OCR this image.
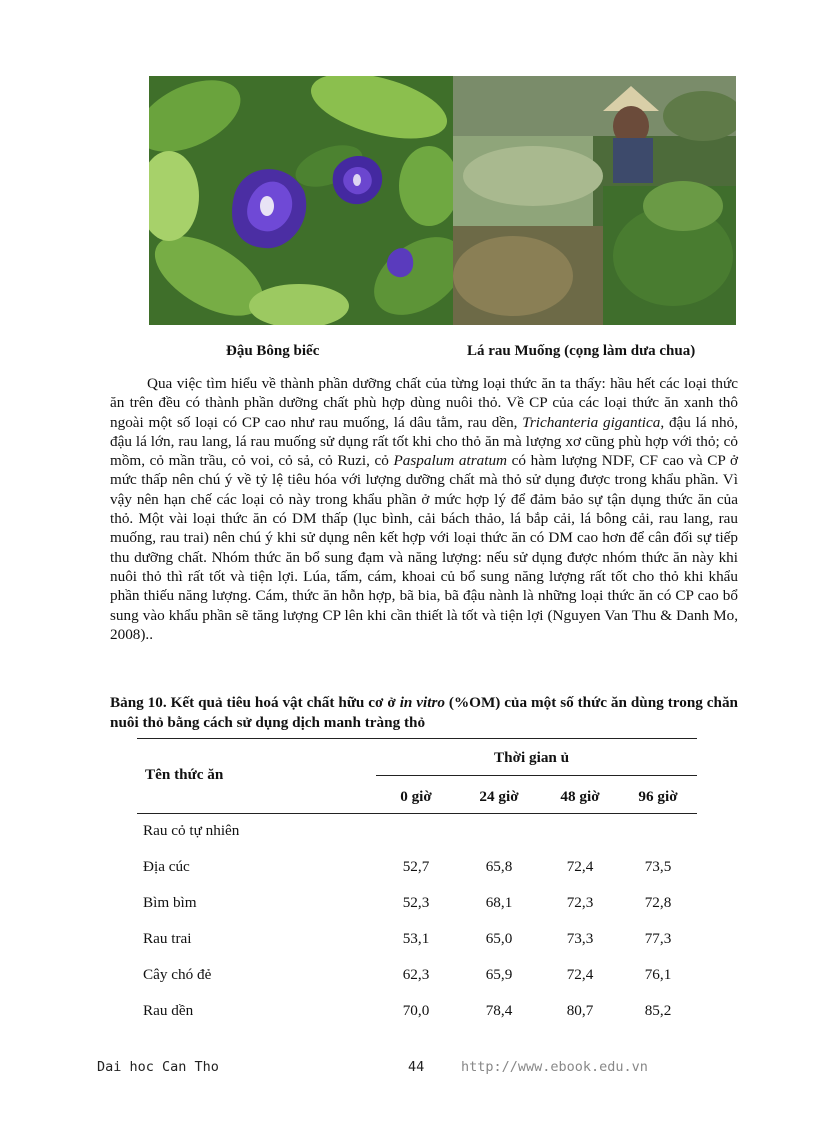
Đậu Bông biếc	Lá rau Muống (cọng làm dưa chua)

Qua việc tìm hiểu về thành phần dưỡng chất của từng loại thức ăn ta thấy: hầu hết các loại thức ăn trên đều có thành phần dưỡng chất phù hợp dùng nuôi thỏ. Về CP của các loại thức ăn xanh thô ngoài một số loại có CP cao như rau muống, lá dâu tằm, rau dền, Trichanteria gigantica, đậu lá nhỏ, đậu lá lớn, rau lang, lá rau muống sử dụng rất tốt khi cho thỏ ăn mà lượng xơ cũng phù hợp với thỏ; cỏ mồm, cỏ mần trầu, cỏ voi, cỏ sả, cỏ Ruzi, cỏ Paspalum atratum có hàm lượng NDF, CF cao và CP ở mức thấp nên chú ý về tỷ lệ tiêu hóa với lượng dưỡng chất mà thỏ sử dụng được trong khẩu phần. Vì vậy nên hạn chế các loại cỏ này trong khẩu phần ở mức hợp lý để đảm bảo sự tận dụng thức ăn của thỏ. Một vài loại thức ăn có DM thấp (lục bình, cải bách thảo, lá bắp cải, lá bông cải, rau lang, rau muống, rau trai) nên chú ý khi sử dụng nên kết hợp với loại thức ăn có DM cao hơn để cân đối sự tiếp thu dưỡng chất. Nhóm thức ăn bổ sung đạm và năng lượng: nếu sử dụng được nhóm thức ăn này khi nuôi thỏ thì rất tốt và tiện lợi. Lúa, tấm, cám, khoai củ bổ sung năng lượng rất tốt cho thỏ khi khẩu phần thiếu năng lượng. Cám, thức ăn hỗn hợp, bã bia, bã đậu nành là những loại thức ăn có CP cao bổ sung vào khẩu phần sẽ tăng lượng CP lên khi cần thiết là tốt và tiện lợi (Nguyen Van Thu & Danh Mo, 2008)..

Bảng 10. Kết quả tiêu hoá vật chất hữu cơ ở in vitro (%OM) của một số thức ăn dùng trong chăn nuôi thỏ bằng cách sử dụng dịch manh tràng thỏ

Tên thức ăn
Thời gian ủ
0 giờ	24 giờ	48 giờ	96 giờ
Rau cỏ tự nhiên
Địa cúc	52,7	65,8	72,4	73,5
Bìm bìm	52,3	68,1	72,3	72,8
Rau trai	53,1	65,0	73,3	77,3
Cây chó đẻ	62,3	65,9	72,4	76,1
Rau dền	70,0	78,4	80,7	85,2
Dai hoc Can Tho	44	http://www.ebook.edu.vn
